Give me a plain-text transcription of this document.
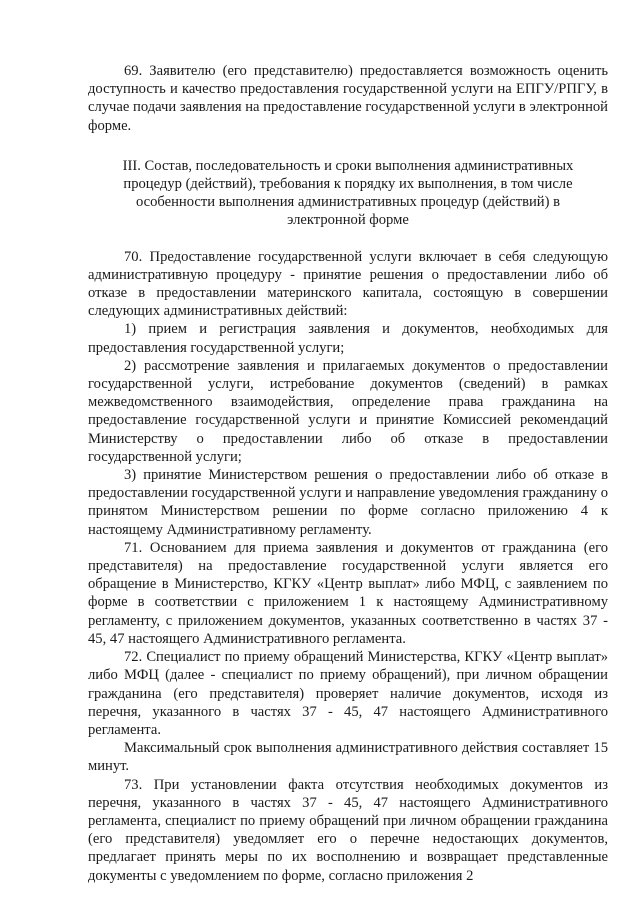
69. Заявителю (его представителю) предоставляется возможность оценить доступность и качество предоставления государственной услуги на ЕПГУ/РПГУ, в случае подачи заявления на предоставление государственной услуги в электронной форме.

III. Состав, последовательность и сроки выполнения административных процедур (действий), требования к порядку их выполнения, в том числе особенности выполнения административных процедур (действий) в электронной форме

70. Предоставление государственной услуги включает в себя следующую административную процедуру - принятие решения о предоставлении либо об отказе в предоставлении материнского капитала, состоящую в совершении следующих административных действий:

1) прием и регистрация заявления и документов, необходимых для предоставления государственной услуги;

2) рассмотрение заявления и прилагаемых документов о предоставлении государственной услуги, истребование документов (сведений) в рамках межведомственного взаимодействия, определение права гражданина на предоставление государственной услуги и принятие Комиссией рекомендаций Министерству о предоставлении либо об отказе в предоставлении государственной услуги;

3) принятие Министерством решения о предоставлении либо об отказе в предоставлении государственной услуги и направление уведомления гражданину о принятом Министерством решении по форме согласно приложению 4 к настоящему Административному регламенту.

71. Основанием для приема заявления и документов от гражданина (его представителя) на предоставление государственной услуги является его обращение в Министерство, КГКУ «Центр выплат» либо МФЦ, с заявлением по форме в соответствии с приложением 1 к настоящему Административному регламенту, с приложением документов, указанных соответственно в частях 37 - 45, 47 настоящего Административного регламента.

72. Специалист по приему обращений Министерства, КГКУ «Центр выплат» либо МФЦ (далее - специалист по приему обращений), при личном обращении гражданина (его представителя) проверяет наличие документов, исходя из перечня, указанного в частях 37 - 45, 47 настоящего Административного регламента.

Максимальный срок выполнения административного действия составляет 15 минут.

73. При установлении факта отсутствия необходимых документов из перечня, указанного в частях 37 - 45, 47 настоящего Административного регламента, специалист по приему обращений при личном обращении гражданина (его представителя) уведомляет его о перечне недостающих документов, предлагает принять меры по их восполнению и возвращает представленные документы с уведомлением по форме, согласно приложения 2
